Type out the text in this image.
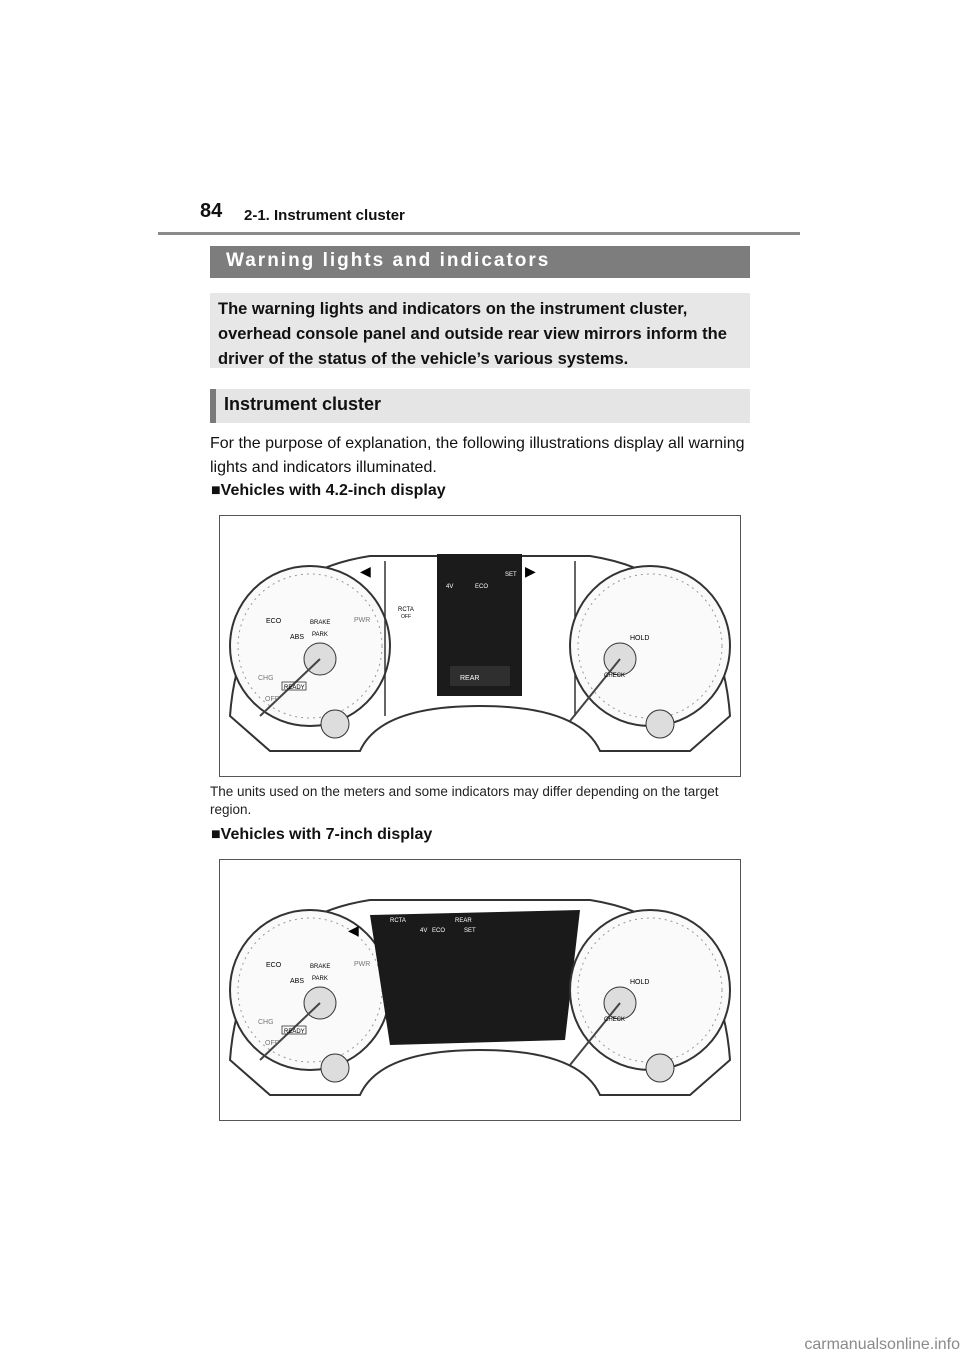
84 2-1. Instrument cluster
Warning lights and indicators
The warning lights and indicators on the instrument cluster, overhead console panel and outside rear view mirrors inform the driver of the status of the vehicle’s various systems.
Instrument cluster
For the purpose of explanation, the following illustrations display all warning lights and indicators illuminated.
■Vehicles with 4.2-inch display
ECO
ABS
BRAKE
PARK
PWR
CHG
OFF
READY
◀	▶
REAR
4V	ECO
SET
RCTA
OFF
HOLD
CHECK
The units used on the meters and some indicators may differ depending on the target region.
■Vehicles with 7-inch display
ECO
ABS
BRAKE
PARK
PWR
CHG
OFF
READY
◀
RCTA	REAR
4V ECO	SET
HOLD
CHECK
carmanualsonline.info
